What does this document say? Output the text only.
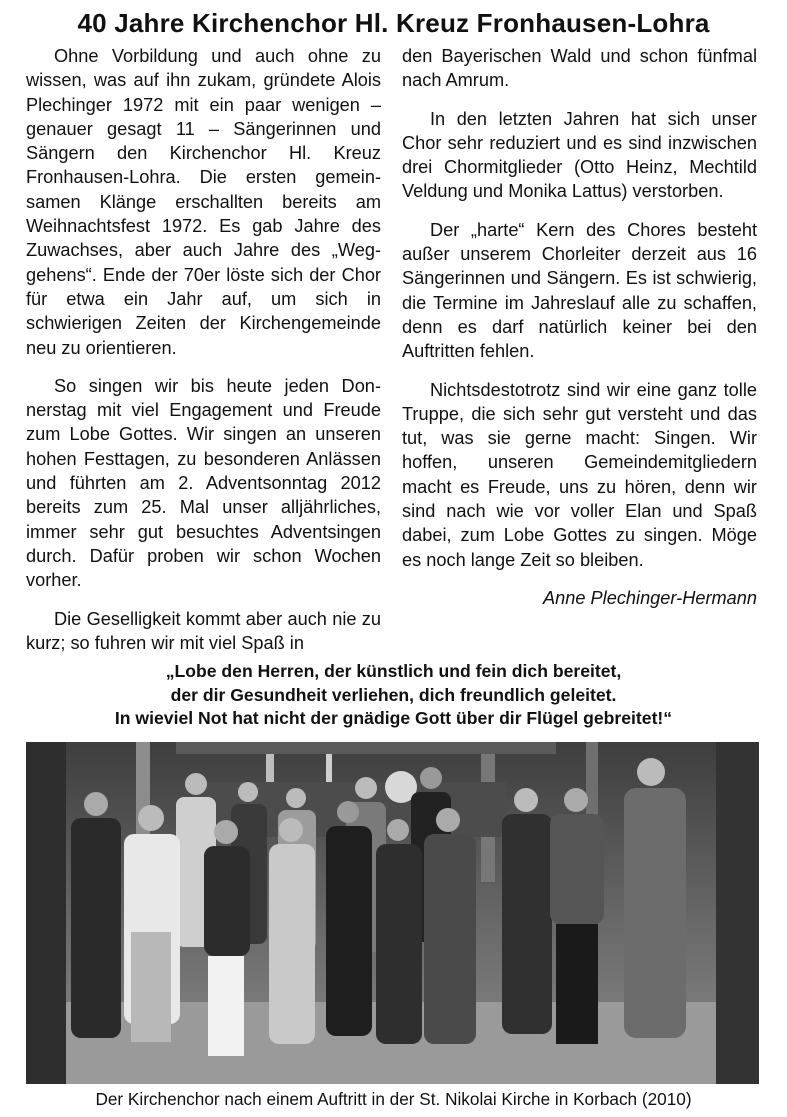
40 Jahre Kirchenchor Hl. Kreuz Fronhausen-Lohra

Ohne Vorbildung und auch ohne zu wissen, was auf ihn zukam, gründete Alois Plechinger 1972 mit ein paar wenigen – genauer gesagt 11 – Sängerinnen und Sängern den Kirchenchor Hl. Kreuz Fronhausen-Lohra. Die ersten gemeinsamen Klänge erschallten bereits am Weihnachtsfest 1972. Es gab Jahre des Zuwachses, aber auch Jahre des „Weggehens“. Ende der 70er löste sich der Chor für etwa ein Jahr auf, um sich in schwierigen Zeiten der Kirchengemeinde neu zu orientieren.

So singen wir bis heute jeden Donnerstag mit viel Engagement und Freude zum Lobe Gottes. Wir singen an unseren hohen Festtagen, zu besonderen Anlässen und führten am 2. Adventsonntag 2012 bereits zum 25. Mal unser alljährliches, immer sehr gut besuchtes Adventsingen durch. Dafür proben wir schon Wochen vorher.

Die Geselligkeit kommt aber auch nie zu kurz; so fuhren wir mit viel Spaß in

den Bayerischen Wald und schon fünfmal nach Amrum.

In den letzten Jahren hat sich unser Chor sehr reduziert und es sind inzwischen drei Chormitglieder (Otto Heinz, Mechtild Veldung und Monika Lattus) verstorben.

Der „harte“ Kern des Chores besteht außer unserem Chorleiter derzeit aus 16 Sängerinnen und Sängern. Es ist schwierig, die Termine im Jahreslauf alle zu schaffen, denn es darf natürlich keiner bei den Auftritten fehlen.

Nichtsdestotrotz sind wir eine ganz tolle Truppe, die sich sehr gut versteht und das tut, was sie gerne macht: Singen. Wir hoffen, unseren Gemeindemitgliedern macht es Freude, uns zu hören, denn wir sind nach wie vor voller Elan und Spaß dabei, zum Lobe Gottes zu singen. Möge es noch lange Zeit so bleiben.

Anne Plechinger-Hermann

„Lobe den Herren, der künstlich und fein dich bereitet,
der dir Gesundheit verliehen, dich freundlich geleitet.
In wieviel Not hat nicht der gnädige Gott über dir Flügel gebreitet!“
Der Kirchenchor nach einem Auftritt in der St. Nikolai Kirche in Korbach (2010)
